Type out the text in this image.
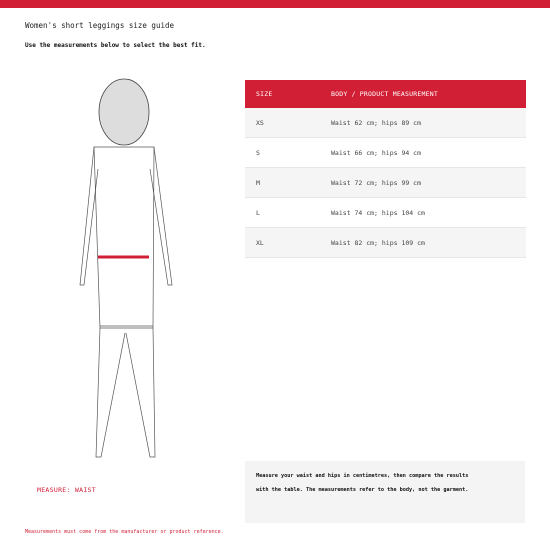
Women's short leggings size guide
Use the measurements below to select the best fit.
MEASURE: WAIST
SIZE	BODY / PRODUCT MEASUREMENT
XS	Waist 62 cm; hips 89 cm
S	Waist 66 cm; hips 94 cm
M	Waist 72 cm; hips 99 cm
L	Waist 74 cm; hips 104 cm
XL	Waist 82 cm; hips 109 cm
Measure your waist and hips in centimetres, then compare the results
with the table. The measurements refer to the body, not the garment.
Measurements must come from the manufacturer or product reference.
